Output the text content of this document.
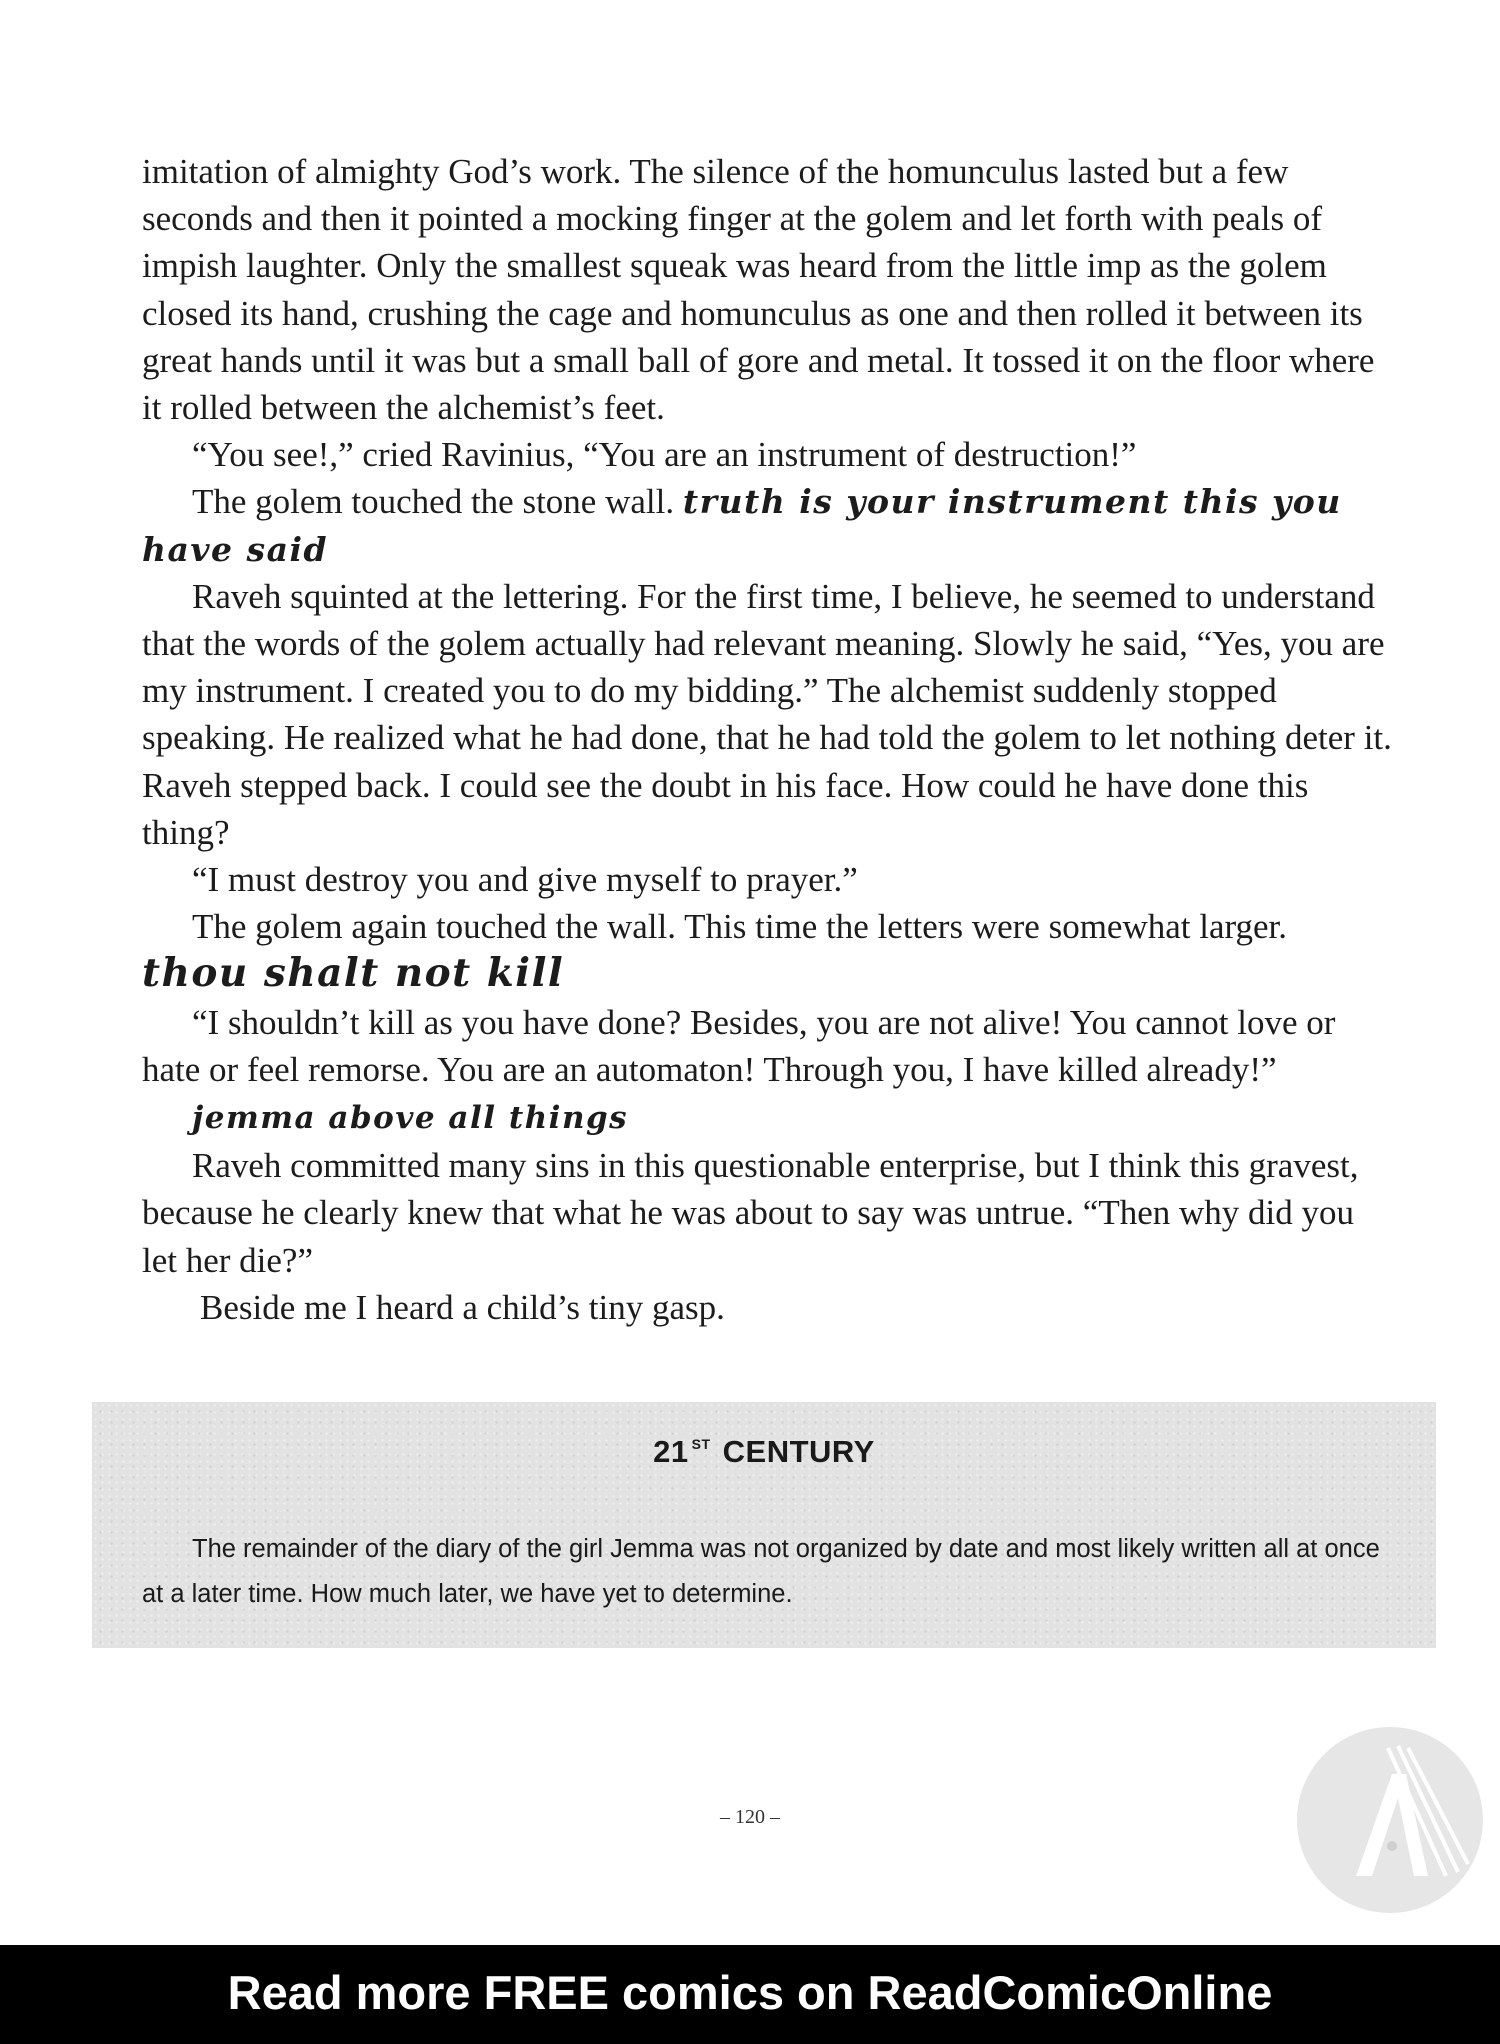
imitation of almighty God’s work. The silence of the homunculus lasted but a few seconds and then it pointed a mocking finger at the golem and let forth with peals of impish laughter. Only the smallest squeak was heard from the little imp as the golem closed its hand, crushing the cage and homunculus as one and then rolled it between its great hands until it was but a small ball of gore and metal. It tossed it on the floor where it rolled between the alchemist’s feet.

“You see!,” cried Ravinius, “You are an instrument of destruction!”

The golem touched the stone wall. truth is your instrument this you have said

Raveh squinted at the lettering. For the first time, I believe, he seemed to understand that the words of the golem actually had relevant meaning. Slowly he said, “Yes, you are my instrument. I created you to do my bidding.” The alchemist suddenly stopped speaking. He realized what he had done, that he had told the golem to let nothing deter it. Raveh stepped back. I could see the doubt in his face. How could he have done this thing?

“I must destroy you and give myself to prayer.”

The golem again touched the wall. This time the letters were somewhat larger.

thou shalt not kill

“I shouldn’t kill as you have done? Besides, you are not alive! You cannot love or hate or feel remorse. You are an automaton! Through you, I have killed already!”

jemma above all things

Raveh committed many sins in this questionable enterprise, but I think this gravest, because he clearly knew that what he was about to say was untrue. “Then why did you let her die?”

Beside me I heard a child’s tiny gasp.

21 $^{ST}$ CENTURY

The remainder of the diary of the girl Jemma was not organized by date and most likely written all at once at a later time. How much later, we have yet to determine.

– 120 –
Read more FREE comics on ReadComicOnline
